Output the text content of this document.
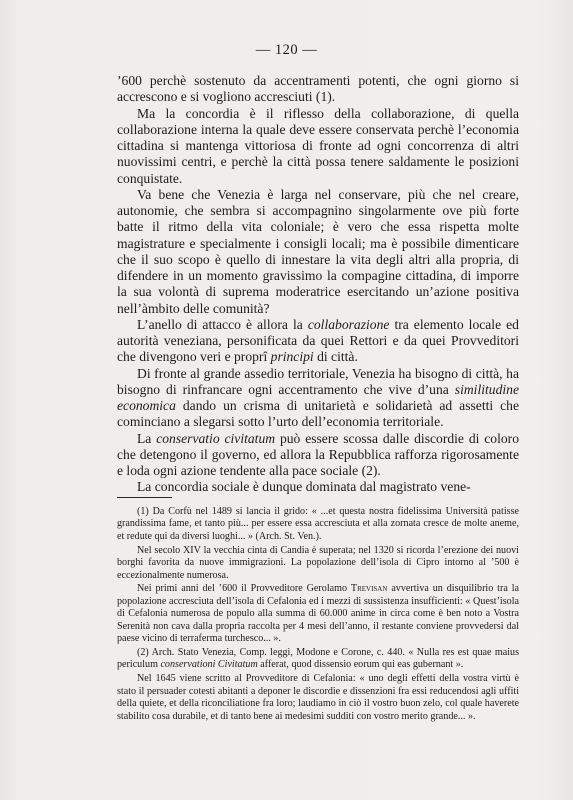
— 120 —

’600 perchè sostenuto da accentramenti potenti, che ogni giorno si accrescono e si vogliono accresciuti (1).

Ma la concordia è il riflesso della collaborazione, di quella collaborazione interna la quale deve essere conservata perchè l’economia cittadina si mantenga vittoriosa di fronte ad ogni concorrenza di altri nuovissimi centri, e perchè la città possa tenere saldamente le posizioni conquistate.

Va bene che Venezia è larga nel conservare, più che nel creare, autonomie, che sembra si accompagnino singolarmente ove più forte batte il ritmo della vita coloniale; è vero che essa rispetta molte magistrature e specialmente i consigli locali; ma è possibile dimenticare che il suo scopo è quello di innestare la vita degli altri alla propria, di difendere in un momento gravissimo la compagine cittadina, di imporre la sua volontà di suprema moderatrice esercitando un’azione positiva nell’àmbito delle comunità?

L’anello di attacco è allora la collaborazione tra elemento locale ed autorità veneziana, personificata da quei Rettori e da quei Provveditori che divengono veri e proprî principi di città.

Di fronte al grande assedio territoriale, Venezia ha bisogno di città, ha bisogno di rinfrancare ogni accentramento che vive d’una similitudine economica dando un crisma di unitarietà e solidarietà ad assetti che cominciano a slegarsi sotto l’urto dell’economia territoriale.

La conservatio civitatum può essere scossa dalle discordie di coloro che detengono il governo, ed allora la Repubblica rafforza rigorosamente e loda ogni azione tendente alla pace sociale (2).

La concordia sociale è dunque dominata dal magistrato vene-

(1) Da Corfù nel 1489 si lancia il grido: « ...et questa nostra fidelissima Università patisse grandissima fame, et tanto più... per essere essa accresciuta et alla zornata cresce de molte aneme, et redute qui da diversi luoghi... » (Arch. St. Ven.).

Nel secolo XIV la vecchia cinta di Candia è superata; nel 1320 si ricorda l’erezione dei nuovi borghi favorita da nuove immigrazioni. La popolazione dell’isola di Cipro intorno al ’500 è eccezionalmente numerosa.

Nei primi anni del ’600 il Provveditore Gerolamo Trevisan avvertiva un disquilibrio tra la popolazione accresciuta dell’isola di Cefalonia ed i mezzi di sussistenza insufficienti: « Quest’isola di Cefalonia numerosa de populo alla summa di 60.000 anime in circa come è ben noto a Vostra Serenità non cava dalla propria raccolta per 4 mesi dell’anno, il restante conviene provvedersi dal paese vicino di terraferma turchesco... ».

(2) Arch. Stato Venezia, Comp. leggi, Modone e Corone, c. 440. « Nulla res est quae maius periculum conservationi Civitatum afferat, quod dissensio eorum qui eas gubernant ».

Nel 1645 viene scritto al Provveditore di Cefalonia: « uno degli effetti della vostra virtù è stato il persuader cotesti abitanti a deponer le discordie e dissenzioni fra essi reducendosi agli uffiti della quiete, et della riconciliatione fra loro; laudiamo in ciò il vostro buon zelo, col quale haverete stabilito cosa durabile, et di tanto bene ai medesimi sudditi con vostro merito grande... ».
